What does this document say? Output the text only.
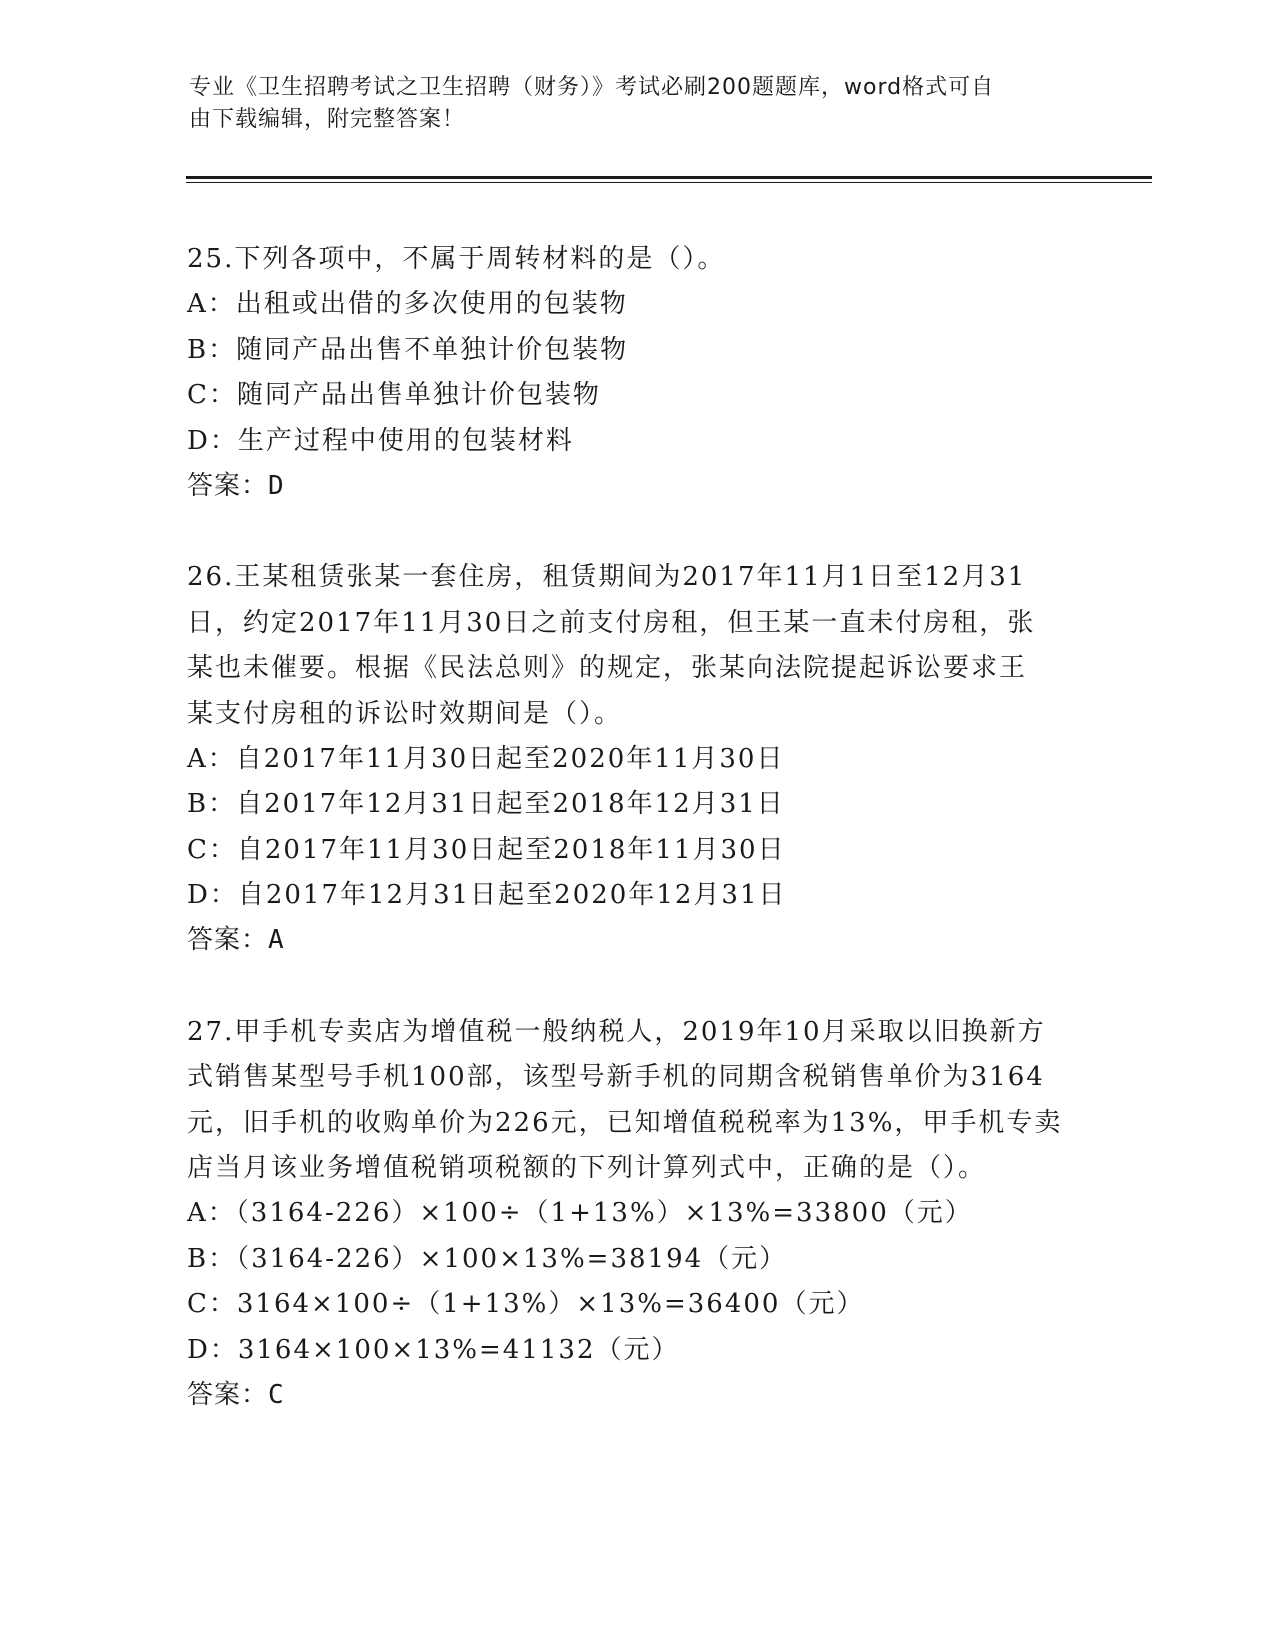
专业《卫生招聘考试之卫生招聘（财务）》考试必刷200题题库，word格式可自
由下载编辑，附完整答案！
25.下列各项中，不属于周转材料的是（）。
A：出租或出借的多次使用的包装物
B：随同产品出售不单独计价包装物
C：随同产品出售单独计价包装物
D：生产过程中使用的包装材料
答案：D
26.王某租赁张某一套住房，租赁期间为2017年11月1日至12月31
日，约定2017年11月30日之前支付房租，但王某一直未付房租，张
某也未催要。根据《民法总则》的规定，张某向法院提起诉讼要求王
某支付房租的诉讼时效期间是（）。
A：自2017年11月30日起至2020年11月30日
B：自2017年12月31日起至2018年12月31日
C：自2017年11月30日起至2018年11月30日
D：自2017年12月31日起至2020年12月31日
答案：A
27.甲手机专卖店为增值税一般纳税人，2019年10月采取以旧换新方
式销售某型号手机100部，该型号新手机的同期含税销售单价为3164
元，旧手机的收购单价为226元，已知增值税税率为13%，甲手机专卖
店当月该业务增值税销项税额的下列计算列式中，正确的是（）。
A：（3164-226）×100÷（1+13%）×13%=33800（元）
B：（3164-226）×100×13%=38194（元）
C：3164×100÷（1+13%）×13%=36400（元）
D：3164×100×13%=41132（元）
答案：C
